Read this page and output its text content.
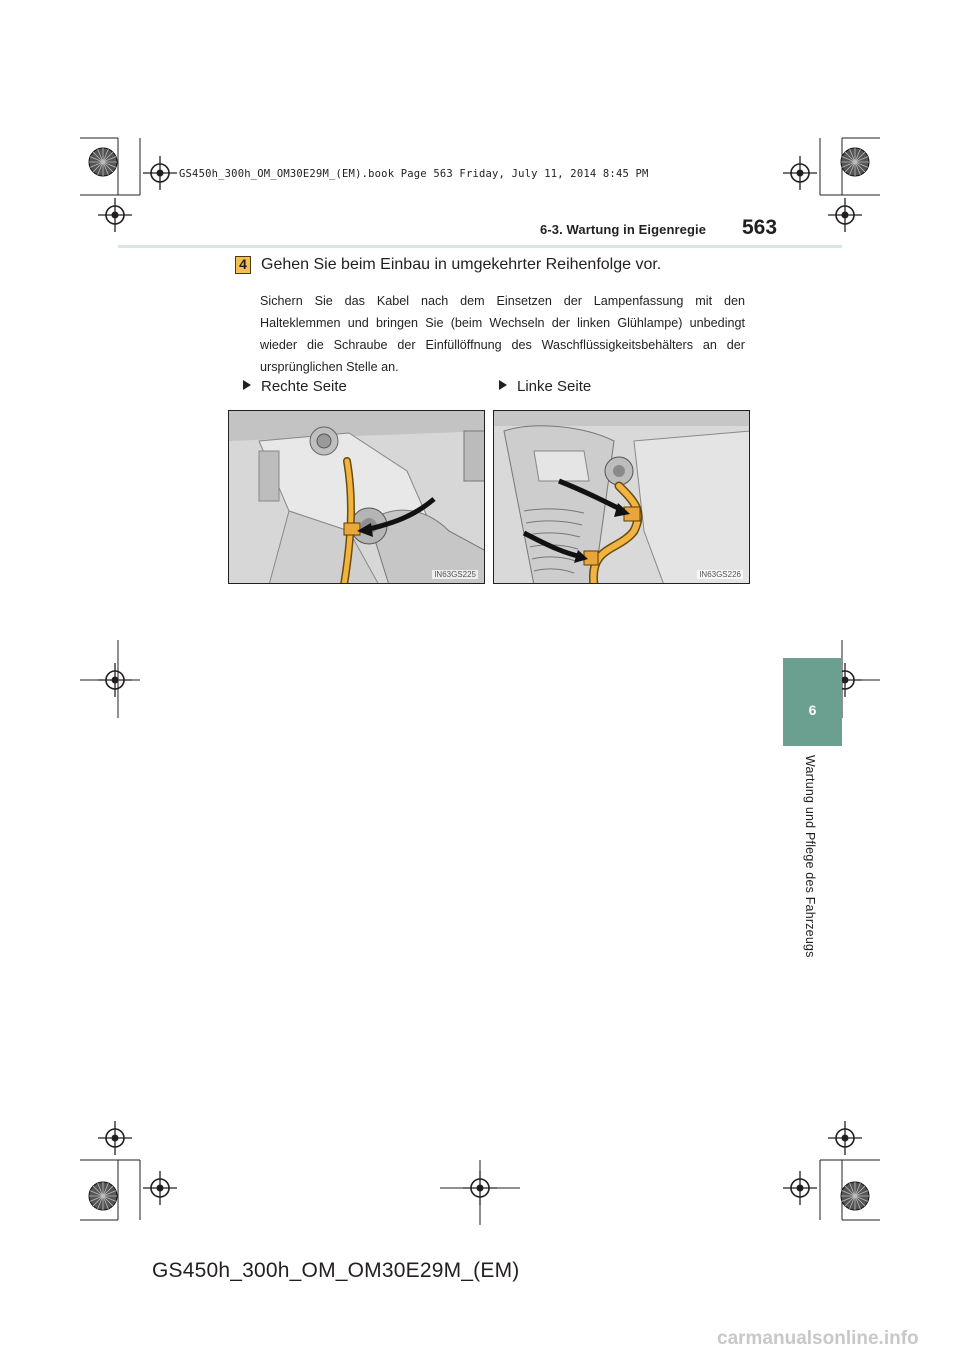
GS450h_300h_OM_OM30E29M_(EM).book Page 563 Friday, July 11, 2014 8:45 PM
6-3. Wartung in Eigenregie 563
6
Wartung und Pflege des Fahrzeugs
4 Gehen Sie beim Einbau in umgekehrter Reihenfolge vor.
Sichern Sie das Kabel nach dem Einsetzen der Lampenfassung mit den Halteklemmen und bringen Sie (beim Wechseln der linken Glühlampe) unbedingt wieder die Schraube der Einfüllöffnung des Waschflüssigkeitsbehälters an der ursprünglichen Stelle an.
Rechte Seite	Linke Seite
IN63GS225	IN63GS226
GS450h_300h_OM_OM30E29M_(EM)
carmanualsonline.info
